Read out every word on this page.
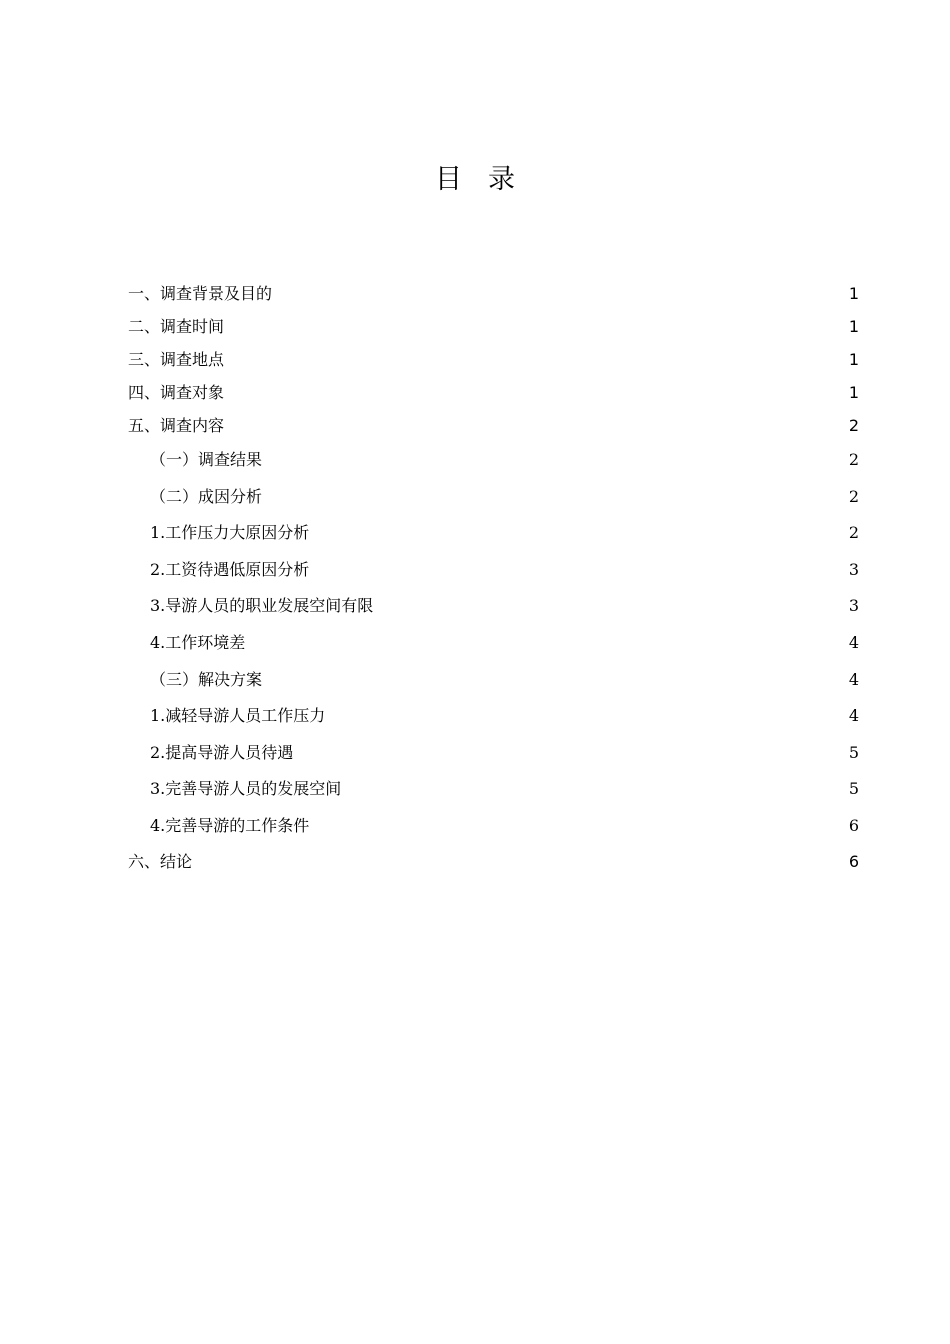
目录
一、调查背景及目的 . . .	1
二、调查时间 . . .	1
三、调查地点 . . .	1
四、调查对象 . . .	1
五、调查内容 . . .	2
（一）调查结果 .....	2
（二）成因分析 .....	2
1.工作压力大原因分析 .....	2
2.工资待遇低原因分析 .....	3
3.导游人员的职业发展空间有限 .....	3
4.工作环境差 .....	4
（三）解决方案 .....	4
1.减轻导游人员工作压力 .....	4
2.提高导游人员待遇 .....	5
3.完善导游人员的发展空间 .....	5
4.完善导游的工作条件 .....	6
六、结论 . . .	6
